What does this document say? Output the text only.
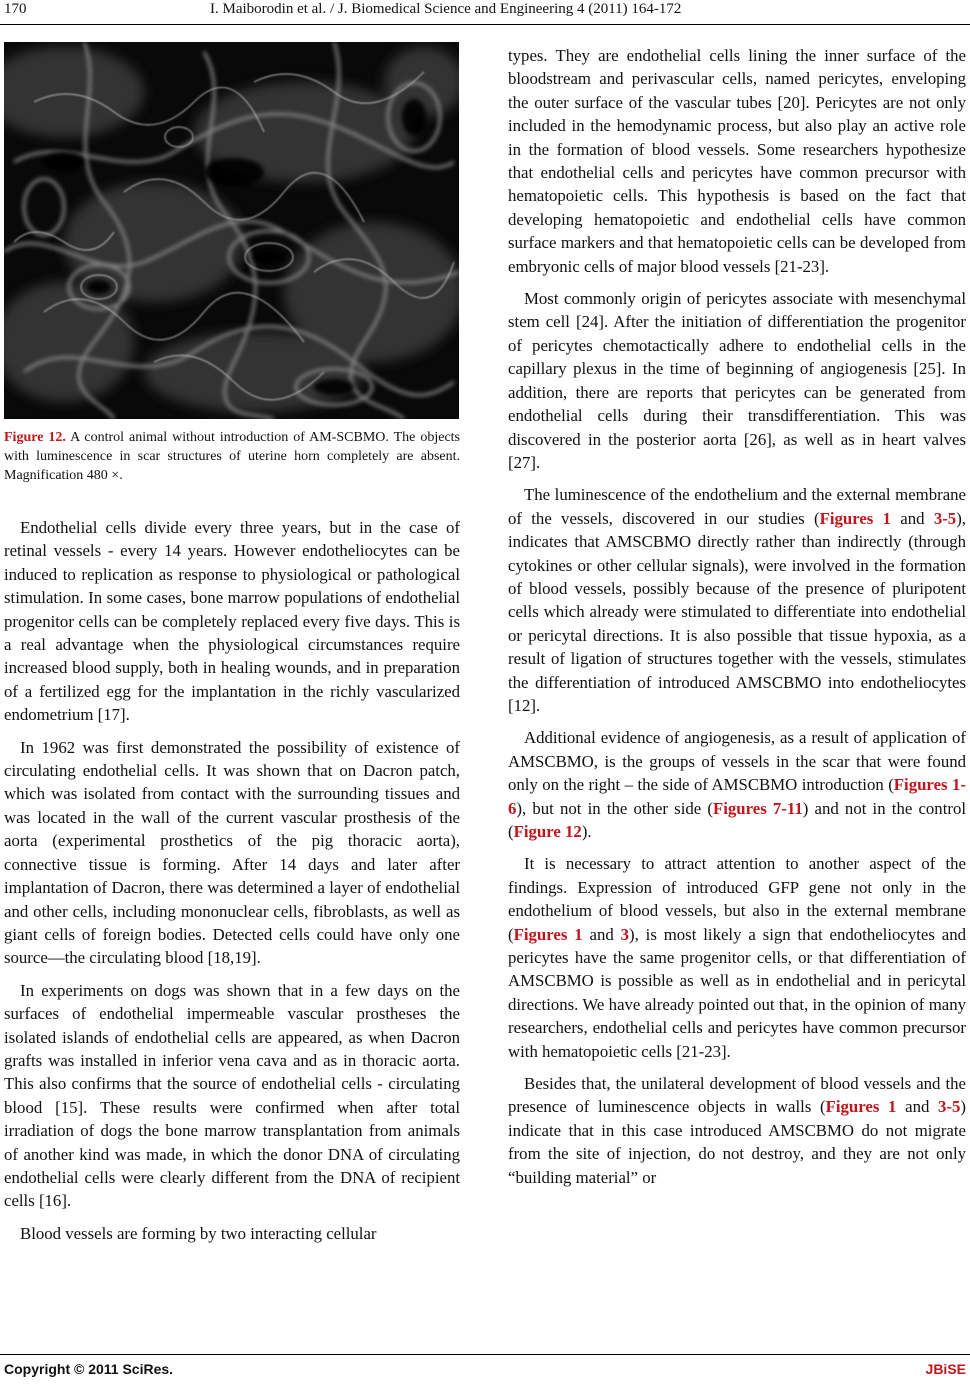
170	I. Maiborodin et al. / J. Biomedical Science and Engineering 4 (2011) 164-172
Figure 12. A control animal without introduction of AM-SCBMO. The objects with luminescence in scar structures of uterine horn completely are absent. Magnification 480 ×.

Endothelial cells divide every three years, but in the case of retinal vessels - every 14 years. However endotheliocytes can be induced to replication as response to physiological or pathological stimulation. In some cases, bone marrow populations of endothelial progenitor cells can be completely replaced every five days. This is a real advantage when the physiological circumstances require increased blood supply, both in healing wounds, and in preparation of a fertilized egg for the implantation in the richly vascularized endometrium [17].

In 1962 was first demonstrated the possibility of existence of circulating endothelial cells. It was shown that on Dacron patch, which was isolated from contact with the surrounding tissues and was located in the wall of the current vascular prosthesis of the aorta (experimental prosthetics of the pig thoracic aorta), connective tissue is forming. After 14 days and later after implantation of Dacron, there was determined a layer of endothelial and other cells, including mononuclear cells, fibroblasts, as well as giant cells of foreign bodies. Detected cells could have only one source—the circulating blood [18,19].

In experiments on dogs was shown that in a few days on the surfaces of endothelial impermeable vascular prostheses the isolated islands of endothelial cells are appeared, as when Dacron grafts was installed in inferior vena cava and as in thoracic aorta. This also confirms that the source of endothelial cells - circulating blood [15]. These results were confirmed when after total irradiation of dogs the bone marrow transplantation from animals of another kind was made, in which the donor DNA of circulating endothelial cells were clearly different from the DNA of recipient cells [16].

Blood vessels are forming by two interacting cellular

types. They are endothelial cells lining the inner surface of the bloodstream and perivascular cells, named pericytes, enveloping the outer surface of the vascular tubes [20]. Pericytes are not only included in the hemodynamic process, but also play an active role in the formation of blood vessels. Some researchers hypothesize that endothelial cells and pericytes have common precursor with hematopoietic cells. This hypothesis is based on the fact that developing hematopoietic and endothelial cells have common surface markers and that hematopoietic cells can be developed from embryonic cells of major blood vessels [21-23].

Most commonly origin of pericytes associate with mesenchymal stem cell [24]. After the initiation of differentiation the progenitor of pericytes chemotactically adhere to endothelial cells in the capillary plexus in the time of beginning of angiogenesis [25]. In addition, there are reports that pericytes can be generated from endothelial cells during their transdifferentiation. This was discovered in the posterior aorta [26], as well as in heart valves [27].

The luminescence of the endothelium and the external membrane of the vessels, discovered in our studies (Figures 1 and 3-5), indicates that AMSCBMO directly rather than indirectly (through cytokines or other cellular signals), were involved in the formation of blood vessels, possibly because of the presence of pluripotent cells which already were stimulated to differentiate into endothelial or pericytal directions. It is also possible that tissue hypoxia, as a result of ligation of structures together with the vessels, stimulates the differentiation of introduced AMSCBMO into endotheliocytes [12].

Additional evidence of angiogenesis, as a result of application of AMSCBMO, is the groups of vessels in the scar that were found only on the right – the side of AMSCBMO introduction (Figures 1-6), but not in the other side (Figures 7-11) and not in the control (Figure 12).

It is necessary to attract attention to another aspect of the findings. Expression of introduced GFP gene not only in the endothelium of blood vessels, but also in the external membrane (Figures 1 and 3), is most likely a sign that endotheliocytes and pericytes have the same progenitor cells, or that differentiation of AMSCBMO is possible as well as in endothelial and in pericytal directions. We have already pointed out that, in the opinion of many researchers, endothelial cells and pericytes have common precursor with hematopoietic cells [21-23].

Besides that, the unilateral development of blood vessels and the presence of luminescence objects in walls (Figures 1 and 3-5) indicate that in this case introduced AMSCBMO do not migrate from the site of injection, do not destroy, and they are not only “building material” or

Copyright © 2011 SciRes.	JBiSE
